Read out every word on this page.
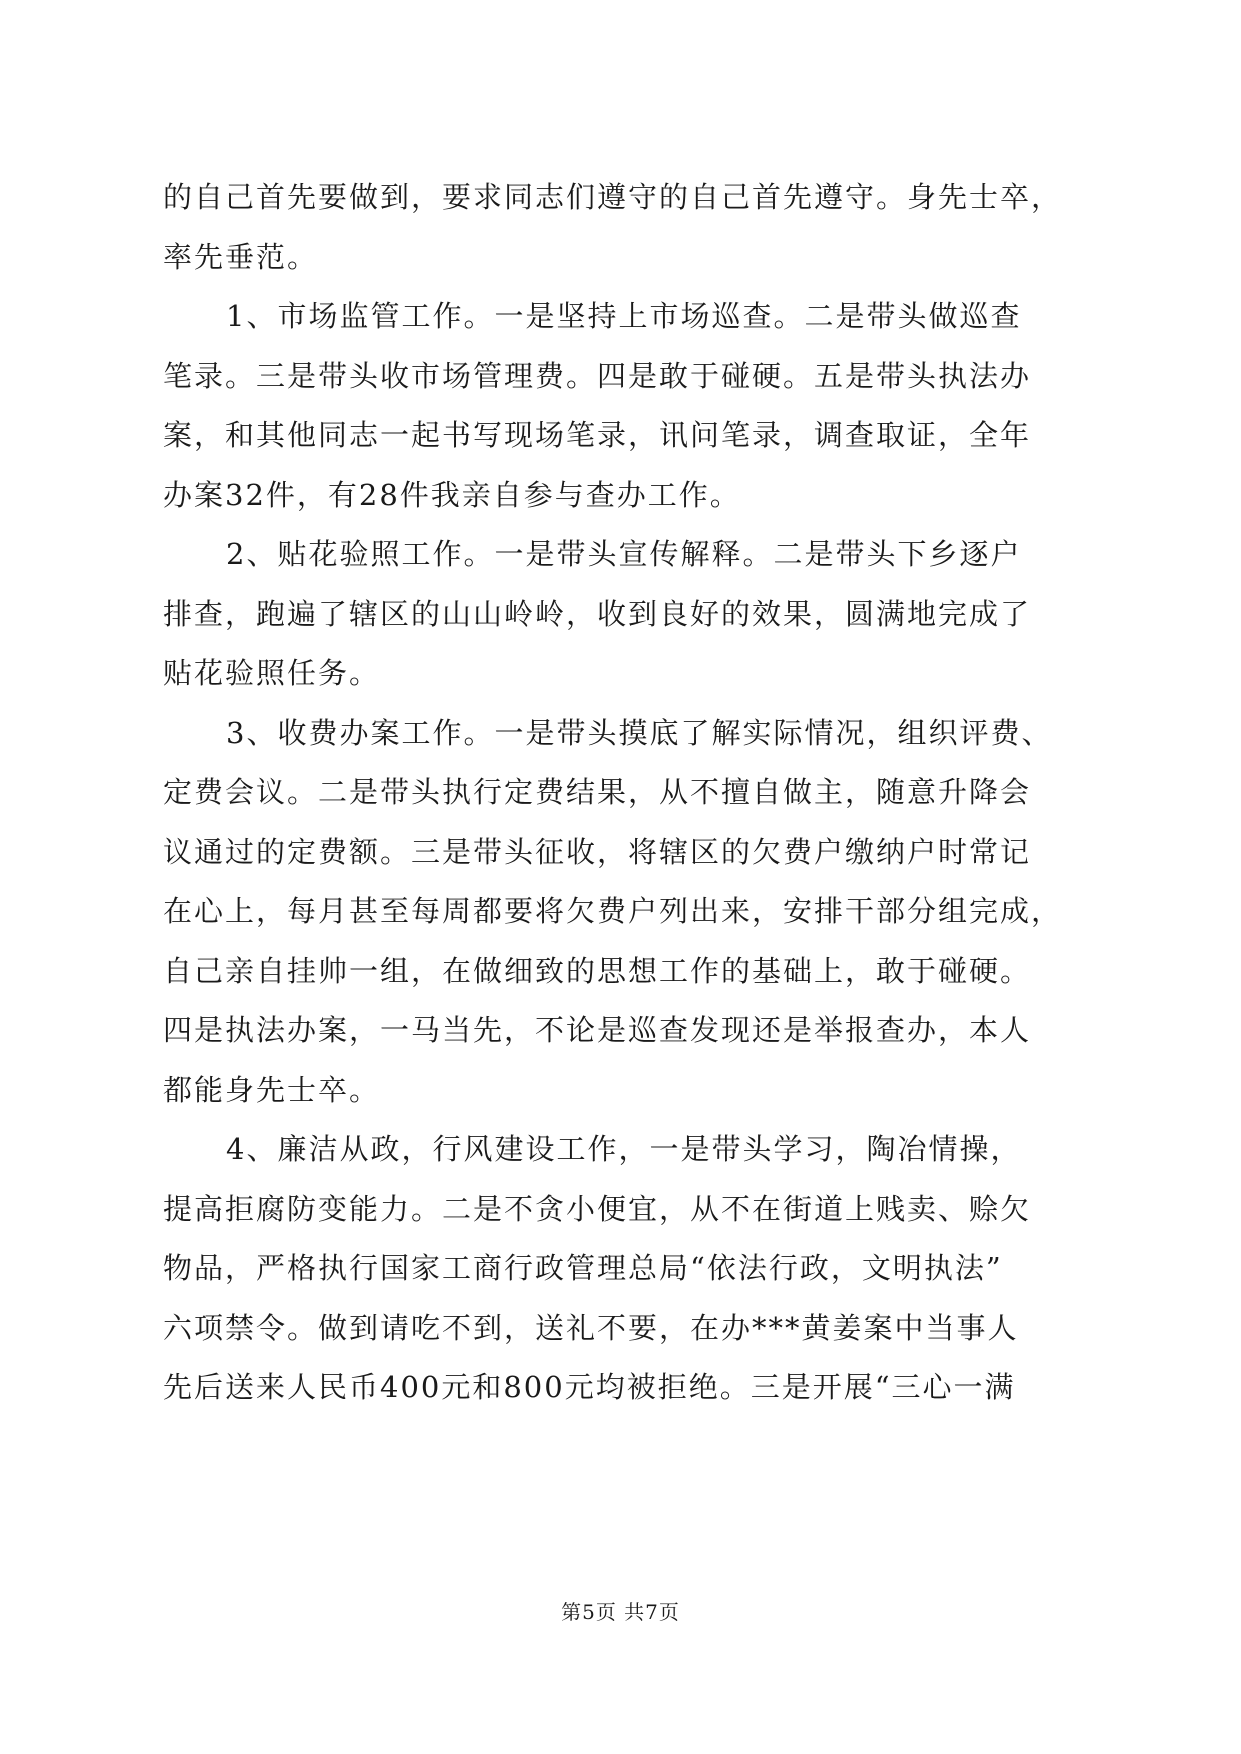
的自己首先要做到，要求同志们遵守的自己首先遵守。身先士卒，
率先垂范。
1、市场监管工作。一是坚持上市场巡查。二是带头做巡查
笔录。三是带头收市场管理费。四是敢于碰硬。五是带头执法办
案，和其他同志一起书写现场笔录，讯问笔录，调查取证，全年
办案32件，有28件我亲自参与查办工作。
2、贴花验照工作。一是带头宣传解释。二是带头下乡逐户
排查，跑遍了辖区的山山岭岭，收到良好的效果，圆满地完成了
贴花验照任务。
3、收费办案工作。一是带头摸底了解实际情况，组织评费、
定费会议。二是带头执行定费结果，从不擅自做主，随意升降会
议通过的定费额。三是带头征收，将辖区的欠费户缴纳户时常记
在心上，每月甚至每周都要将欠费户列出来，安排干部分组完成，
自己亲自挂帅一组，在做细致的思想工作的基础上，敢于碰硬。
四是执法办案，一马当先，不论是巡查发现还是举报查办，本人
都能身先士卒。
4、廉洁从政，行风建设工作，一是带头学习，陶冶情操，
提高拒腐防变能力。二是不贪小便宜，从不在街道上贱卖、赊欠
物品，严格执行国家工商行政管理总局“依法行政，文明执法”
六项禁令。做到请吃不到，送礼不要，在办***黄姜案中当事人
先后送来人民币400元和800元均被拒绝。三是开展“三心一满
第5页 共7页
